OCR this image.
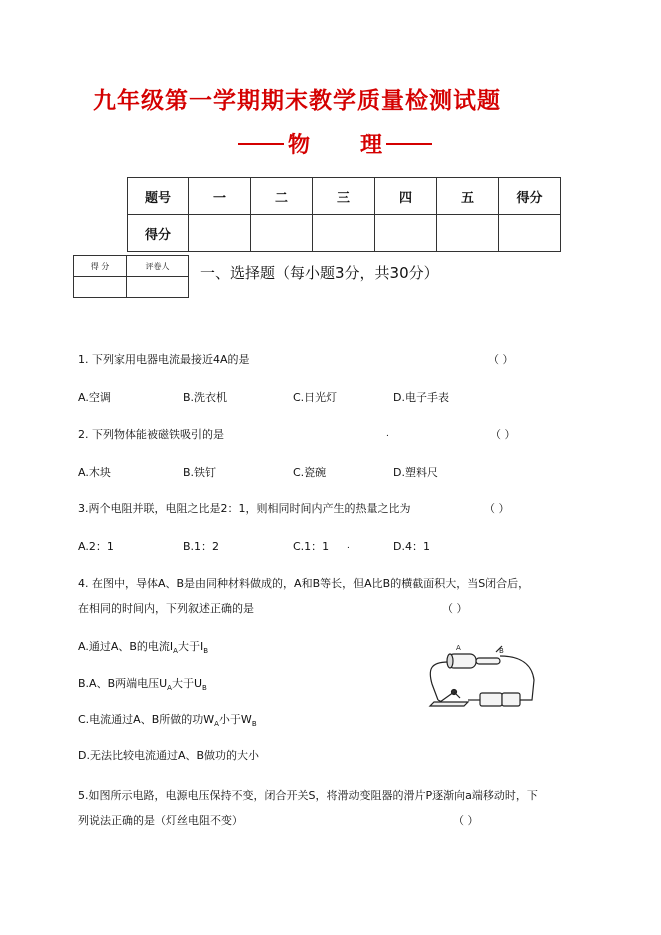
九年级第一学期期末教学质量检测试题
物 理
题号	一	二	三	四	五	得分
得分						
得 分	评卷人
	一、选择题（每小题3分，共30分）
1. 下列家用电器电流最接近4A的是	（ ）
A.空调	B.洗衣机	C.日光灯	D.电子手表
2. 下列物体能被磁铁吸引的是	.	（ ）
A.木块	B.铁钉	C.瓷碗	D.塑料尺
3.两个电阻并联，电阻之比是2：1，则相同时间内产生的热量之比为	（ ）
A.2：1	B.1：2	C.1：1 .	D.4：1
4. 在图中，导体A、B是由同种材料做成的，A和B等长，但A比B的横截面积大，当S闭合后，
在相同的时间内，下列叙述正确的是	（ ）
A.通过A、B的电流$I_A$大于$I_B$
B.A、B两端电压$U_A$大于$U_B$
C.电流通过A、B所做的功$W_A$小于$W_B$
D.无法比较电流通过A、B做功的大小
A	B
5.如图所示电路，电源电压保持不变，闭合开关S，将滑动变阻器的滑片P逐渐向a端移动时，下
列说法正确的是（灯丝电阻不变）	（ ）
